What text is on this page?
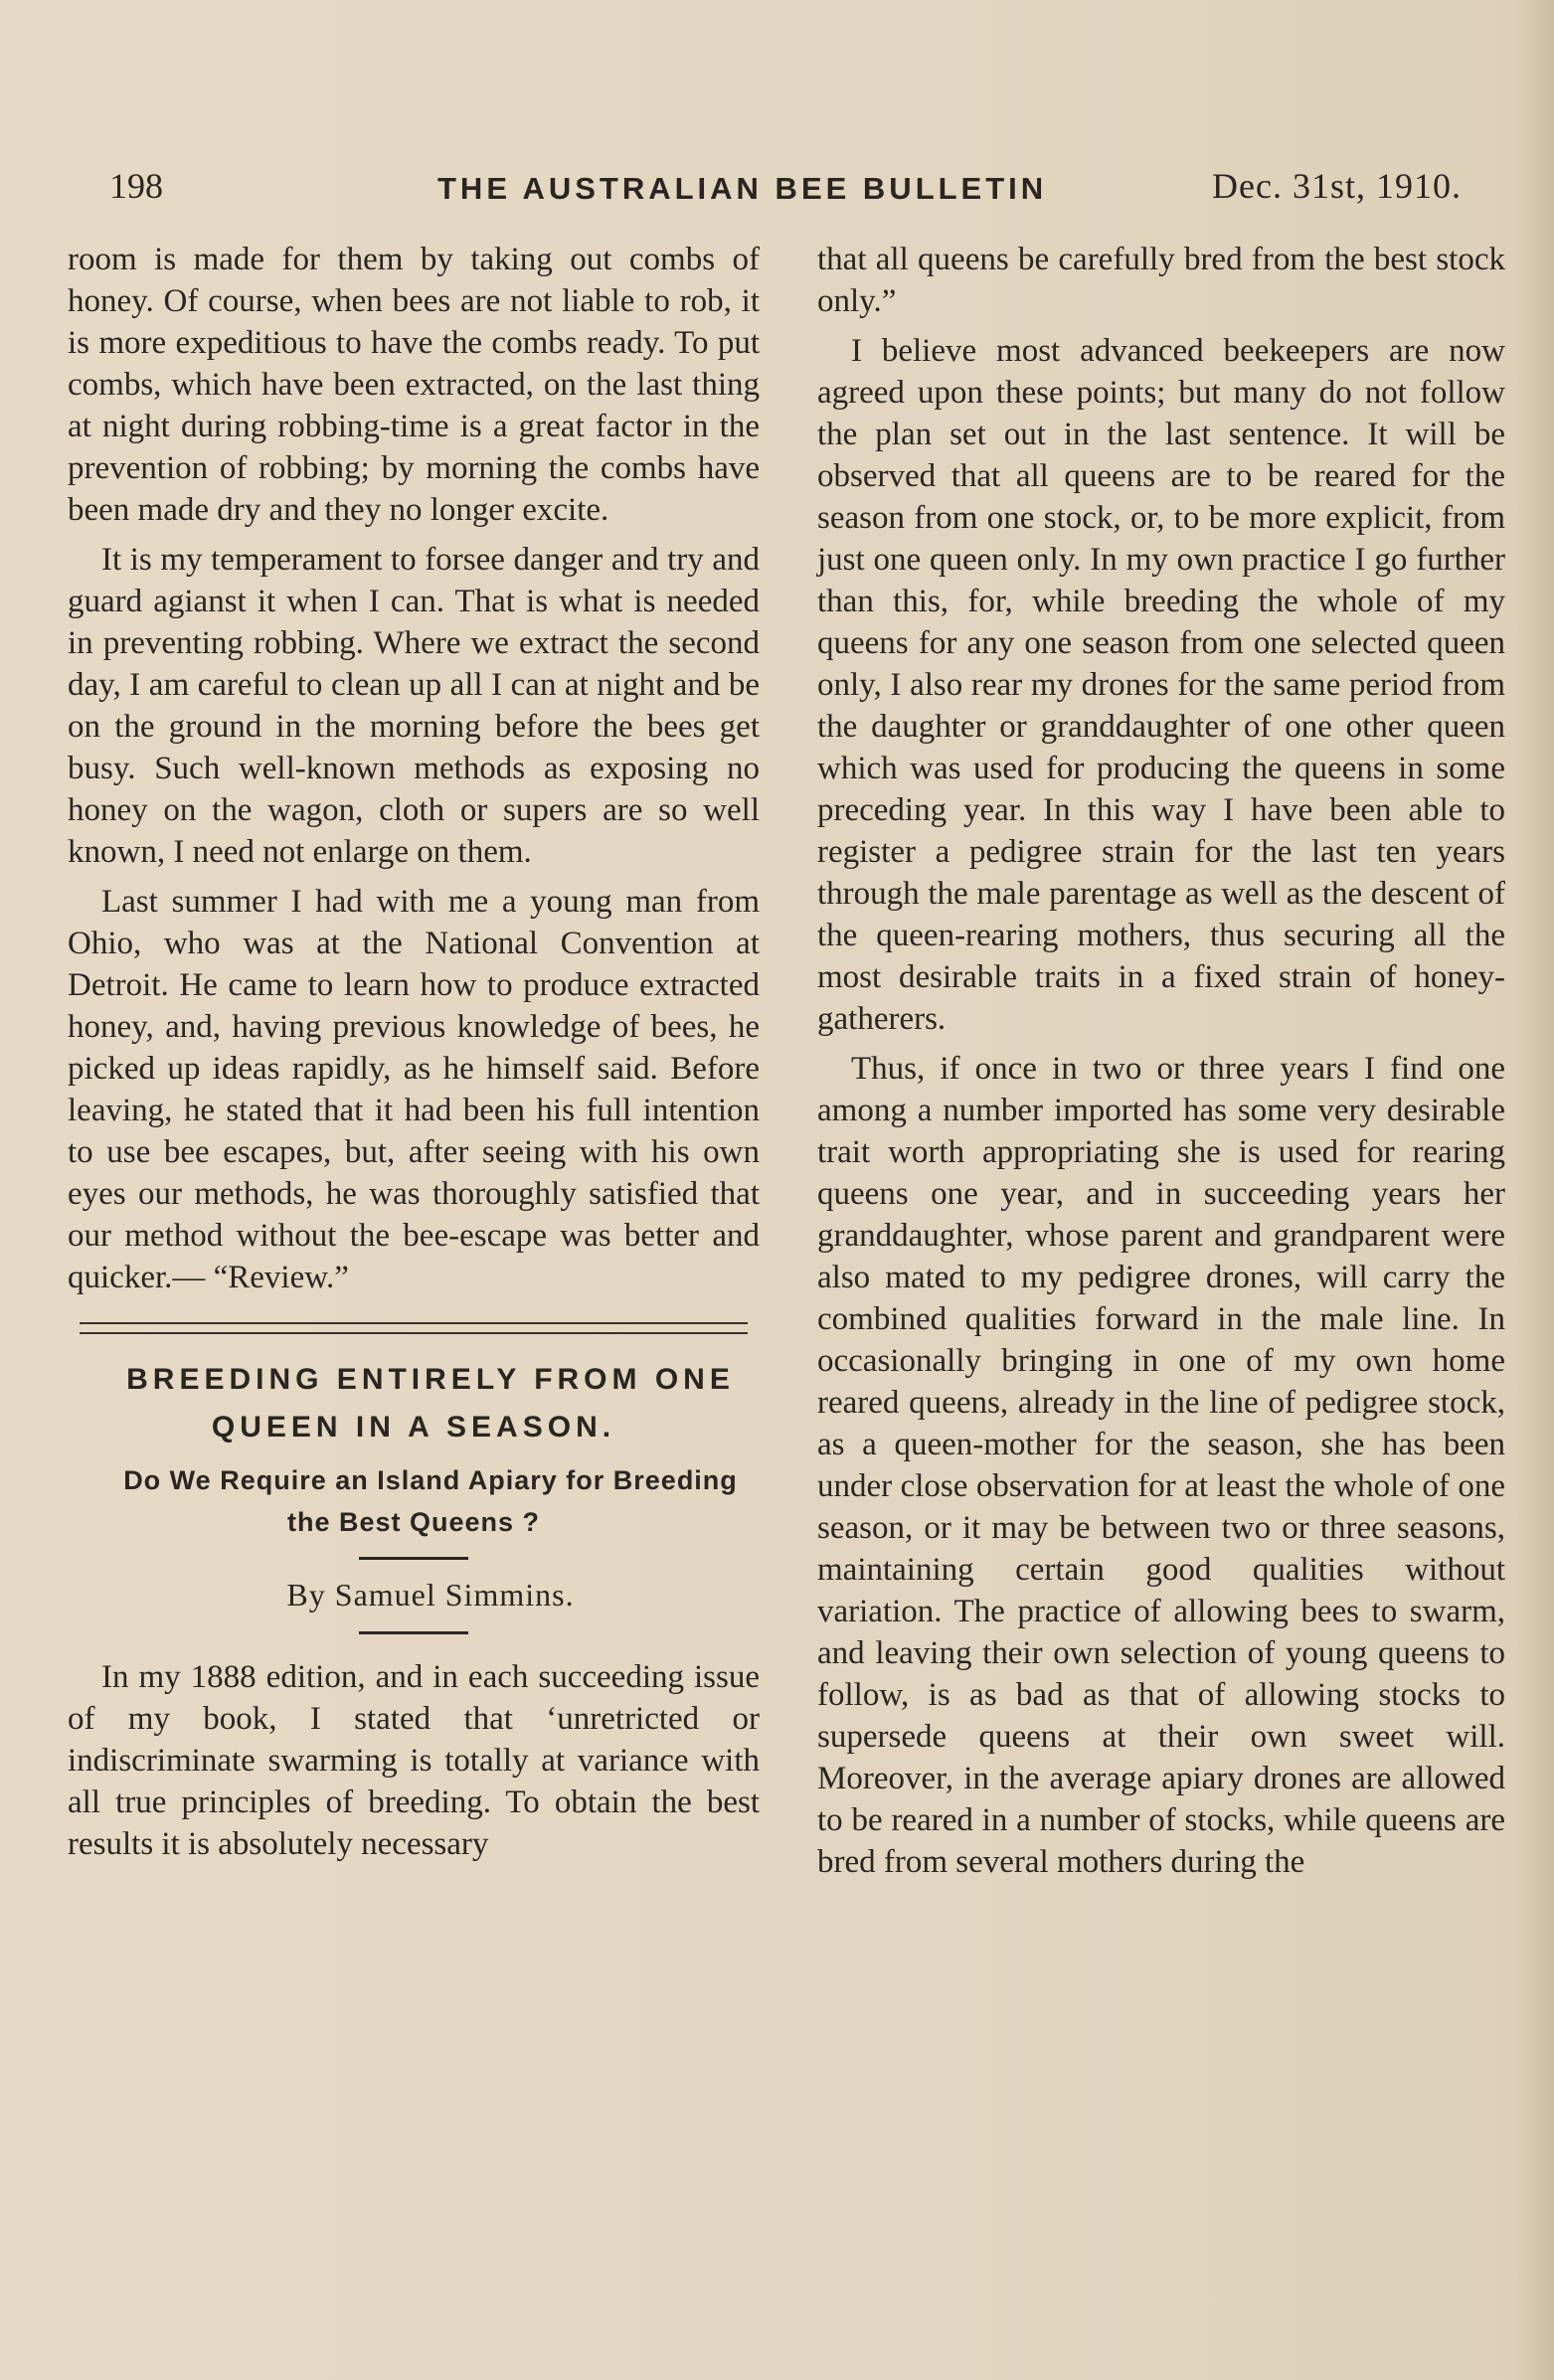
198	THE AUSTRALIAN BEE BULLETIN	Dec. 31st, 1910.

room is made for them by taking out combs of honey. Of course, when bees are not liable to rob, it is more expeditious to have the combs ready. To put combs, which have been extracted, on the last thing at night during robbing-time is a great factor in the prevention of robbing; by morning the combs have been made dry and they no longer excite.

It is my temperament to forsee danger and try and guard agianst it when I can. That is what is needed in preventing robbing. Where we extract the second day, I am careful to clean up all I can at night and be on the ground in the morning before the bees get busy. Such well-known methods as exposing no honey on the wagon, cloth or supers are so well known, I need not enlarge on them.

Last summer I had with me a young man from Ohio, who was at the National Convention at Detroit. He came to learn how to produce extracted honey, and, having previous knowledge of bees, he picked up ideas rapidly, as he himself said. Before leaving, he stated that it had been his full intention to use bee escapes, but, after seeing with his own eyes our methods, he was thoroughly satisfied that our method without the bee-escape was better and quicker.— “Review.”

BREEDING ENTIRELY FROM ONE QUEEN IN A SEASON.

Do We Require an Island Apiary for Breeding the Best Queens ?

By Samuel Simmins.

In my 1888 edition, and in each succeeding issue of my book, I stated that ‘unretricted or indiscriminate swarming is totally at variance with all true principles of breeding. To obtain the best results it is absolutely necessary

that all queens be carefully bred from the best stock only.”

I believe most advanced beekeepers are now agreed upon these points; but many do not follow the plan set out in the last sentence. It will be observed that all queens are to be reared for the season from one stock, or, to be more explicit, from just one queen only. In my own practice I go further than this, for, while breeding the whole of my queens for any one season from one selected queen only, I also rear my drones for the same period from the daughter or granddaughter of one other queen which was used for producing the queens in some preceding year. In this way I have been able to register a pedigree strain for the last ten years through the male parentage as well as the descent of the queen-rearing mothers, thus securing all the most desirable traits in a fixed strain of honey-gatherers.

Thus, if once in two or three years I find one among a number imported has some very desirable trait worth appropriating she is used for rearing queens one year, and in succeeding years her granddaughter, whose parent and grandparent were also mated to my pedigree drones, will carry the combined qualities forward in the male line. In occasionally bringing in one of my own home reared queens, already in the line of pedigree stock, as a queen-mother for the season, she has been under close observation for at least the whole of one season, or it may be between two or three seasons, maintaining certain good qualities without variation. The practice of allowing bees to swarm, and leaving their own selection of young queens to follow, is as bad as that of allowing stocks to supersede queens at their own sweet will. Moreover, in the average apiary drones are allowed to be reared in a number of stocks, while queens are bred from several mothers during the
